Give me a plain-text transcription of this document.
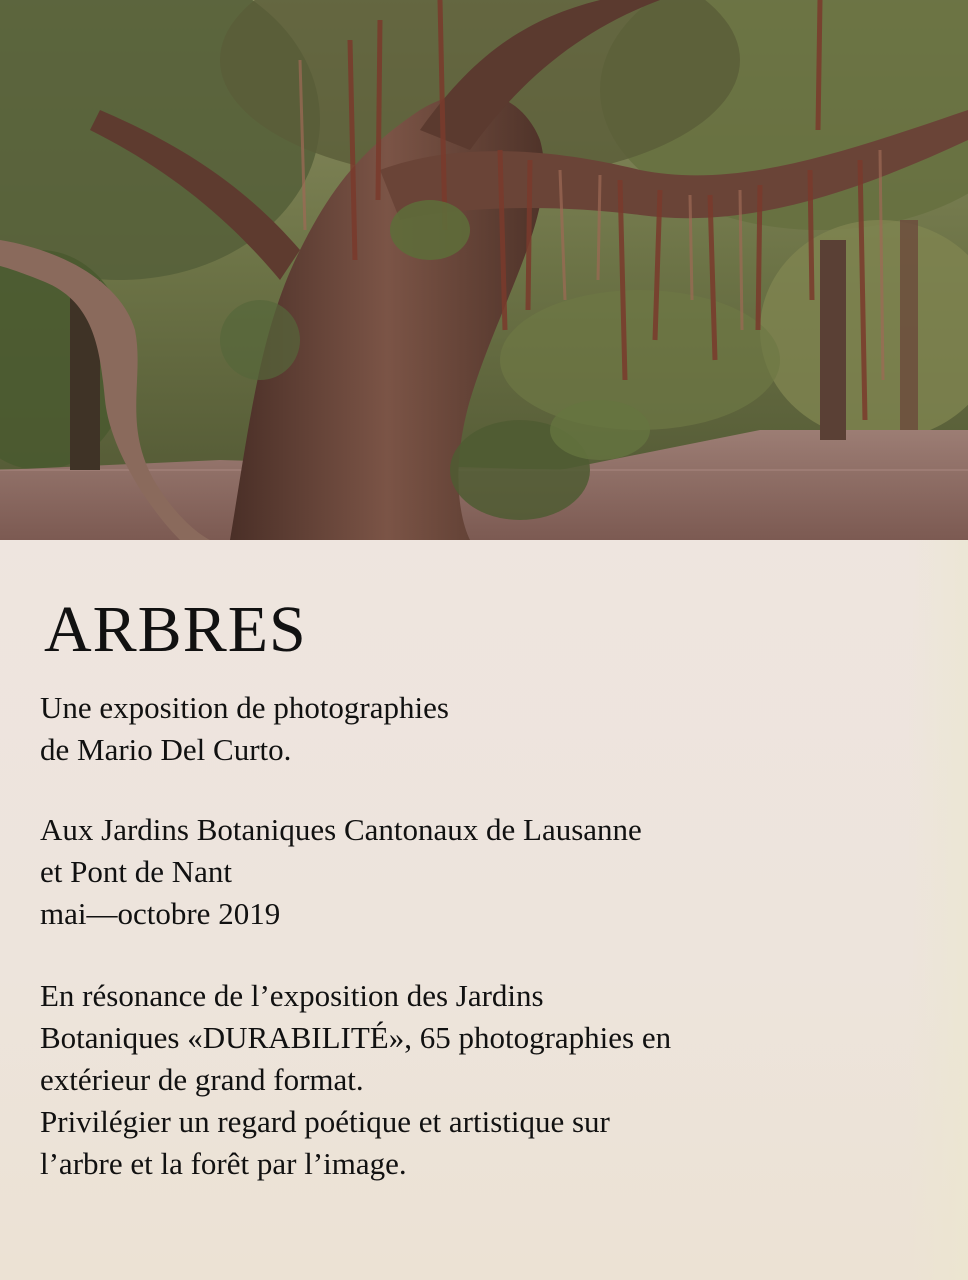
ARBRES

Une exposition de photographies
de Mario Del Curto.

Aux Jardins Botaniques Cantonaux de Lausanne
et Pont de Nant
mai—octobre 2019

En résonance de l’exposition des Jardins
Botaniques «DURABILITÉ», 65 photographies en
extérieur de grand format.
Privilégier un regard poétique et artistique sur
l’arbre et la forêt par l’image.
